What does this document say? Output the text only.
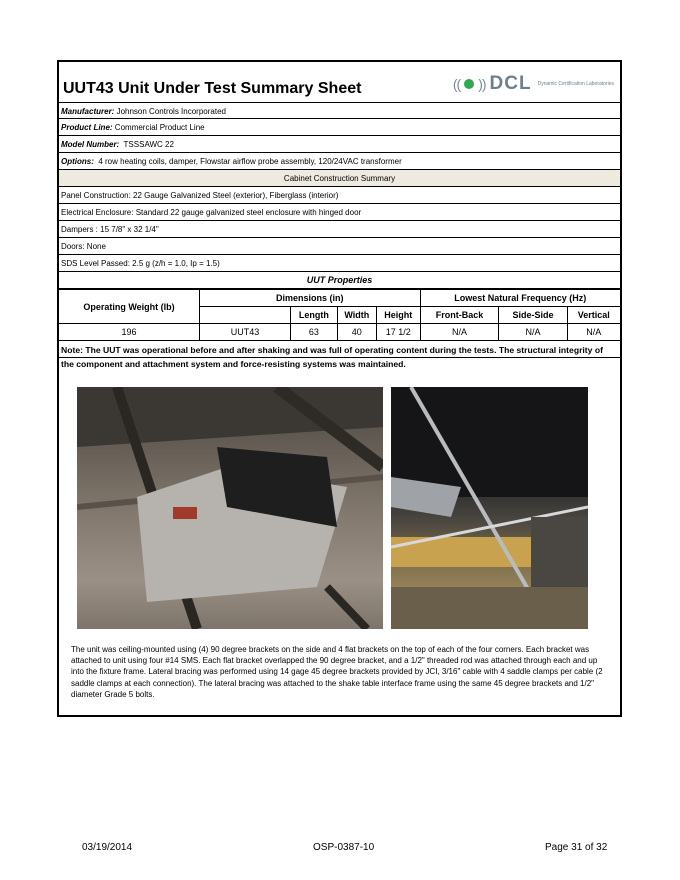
UUT43 Unit Under Test Summary Sheet	(( )) DCL Dynamic Certification Laboratories
Manufacturer: Johnson Controls Incorporated
Product Line: Commercial Product Line
Model Number: TSSSAWC 22
Options: 4 row heating coils, damper, Flowstar airflow probe assembly, 120/24VAC transformer
Cabinet Construction Summary
Panel Construction: 22 Gauge Galvanized Steel (exterior), Fiberglass (interior)
Electrical Enclosure: Standard 22 gauge galvanized steel enclosure with hinged door
Dampers : 15 7/8" x 32 1/4"
Doors: None
SDS Level Passed: 2.5 g (z/h = 1.0, Ip = 1.5)
UUT Properties
Operating Weight (lb)	Dimensions (in)				Lowest Natural Frequency (Hz)		
		Length	Width	Height	Front-Back	Side-Side	Vertical
196	UUT43	63	40	17 1/2	N/A	N/A	N/A
Note: The UUT was operational before and after shaking and was full of operating content during the tests. The structural integrity of the component and attachment system and force-resisting systems was maintained.
The unit was ceiling-mounted using (4) 90 degree brackets on the side and 4 flat brackets on the top of each of the four corners. Each bracket was attached to unit using four #14 SMS. Each flat bracket overlapped the 90 degree bracket, and a 1/2" threaded rod was attached through each and up into the fixture frame. Lateral bracing was performed using 14 gage 45 degree brackets provided by JCI, 3/16" cable with 4 saddle clamps per cable (2 saddle clamps at each connection). The lateral bracing was attached to the shake table interface frame using the same 45 degree brackets and 1/2" diameter Grade 5 bolts.
03/19/2014	OSP-0387-10	Page 31 of 32
